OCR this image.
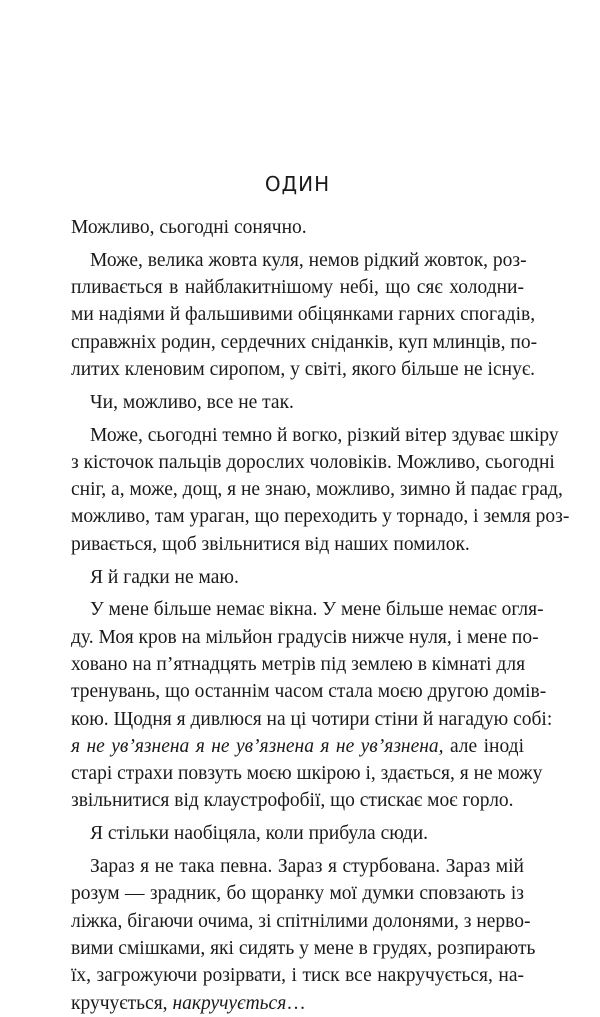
ОДИН
Можливо, сьогодні сонячно.
Може, велика жовта куля, немов рідкий жовток, роз-
пливається в найблакитнішому небі, що сяє холодни-
ми надіями й фальшивими обіцянками гарних спогадів,
справжніх родин, сердечних сніданків, куп млинців, по-
литих кленовим сиропом, у світі, якого більше не існує.
Чи, можливо, все не так.
Може, сьогодні темно й вогко, різкий вітер здуває шкіру
з кісточок пальців дорослих чоловіків. Можливо, сьогодні
сніг, а, може, дощ, я не знаю, можливо, зимно й падає град,
можливо, там ураган, що переходить у торнадо, і земля роз-
ривається, щоб звільнитися від наших помилок.
Я й гадки не маю.
У мене більше немає вікна. У мене більше немає огля-
ду. Моя кров на мільйон градусів нижче нуля, і мене по-
ховано на п’ятнадцять метрів під землею в кімнаті для
тренувань, що останнім часом стала моєю другою домів-
кою. Щодня я дивлюся на ці чотири стіни й нагадую собі:
я не ув’язнена я не ув’язнена я не ув’язнена, але іноді
старі страхи повзуть моєю шкірою і, здається, я не можу
звільнитися від клаустрофобії, що стискає моє горло.
Я стільки наобіцяла, коли прибула сюди.
Зараз я не така певна. Зараз я стурбована. Зараз мій
розум — зрадник, бо щоранку мої думки сповзають із
ліжка, бігаючи очима, зі спітнілими долонями, з нерво-
вими смішками, які сидять у мене в грудях, розпирають
їх, загрожуючи розірвати, і тиск все накручується, на-
кручується, накручується…
